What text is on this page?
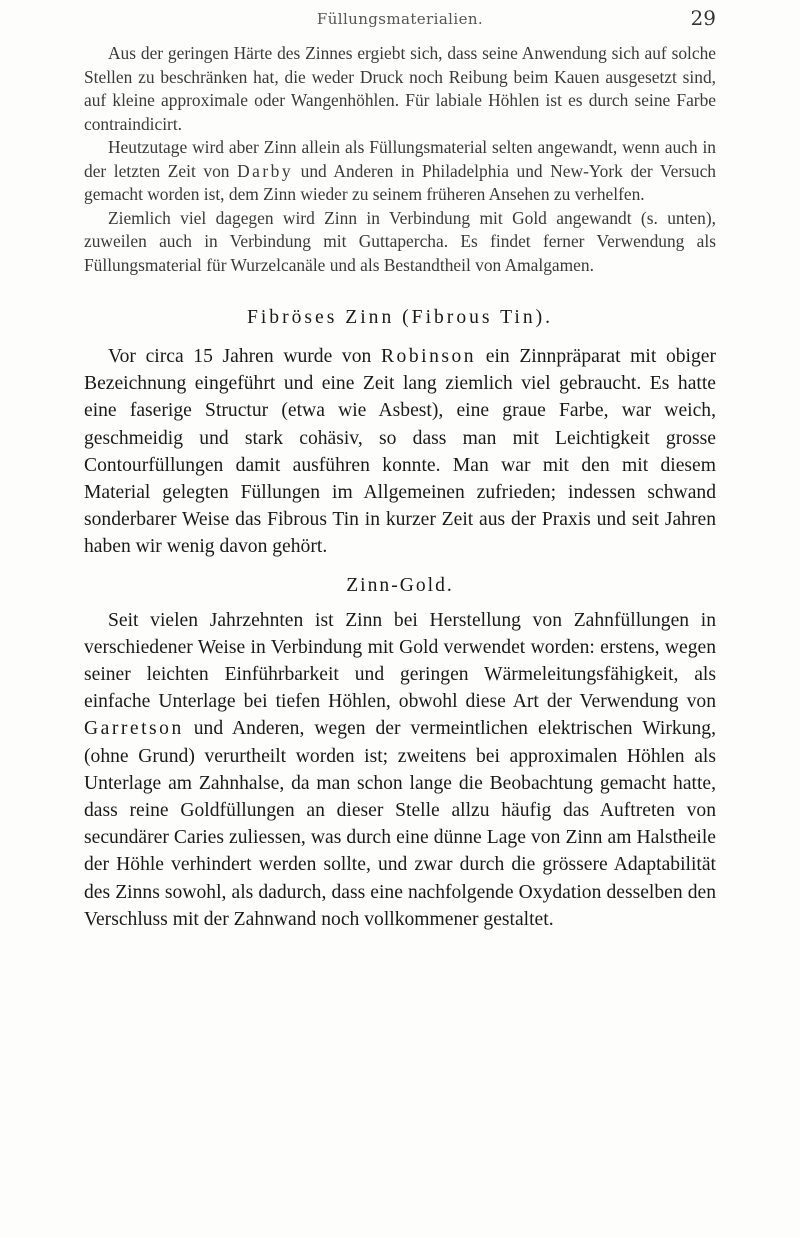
Füllungsmaterialien.	29

Aus der geringen Härte des Zinnes ergiebt sich, dass seine Anwendung sich auf solche Stellen zu beschränken hat, die weder Druck noch Reibung beim Kauen ausgesetzt sind, auf kleine approximale oder Wangenhöhlen. Für labiale Höhlen ist es durch seine Farbe contraindicirt.

Heutzutage wird aber Zinn allein als Füllungsmaterial selten angewandt, wenn auch in der letzten Zeit von Darby und Anderen in Philadelphia und New-York der Versuch gemacht worden ist, dem Zinn wieder zu seinem früheren Ansehen zu verhelfen.

Ziemlich viel dagegen wird Zinn in Verbindung mit Gold angewandt (s. unten), zuweilen auch in Verbindung mit Guttapercha. Es findet ferner Verwendung als Füllungsmaterial für Wurzelcanäle und als Bestandtheil von Amalgamen.

Fibröses Zinn (Fibrous Tin).

Vor circa 15 Jahren wurde von Robinson ein Zinnpräparat mit obiger Bezeichnung eingeführt und eine Zeit lang ziemlich viel gebraucht. Es hatte eine faserige Structur (etwa wie Asbest), eine graue Farbe, war weich, geschmeidig und stark cohäsiv, so dass man mit Leichtigkeit grosse Contourfüllungen damit ausführen konnte. Man war mit den mit diesem Material gelegten Füllungen im Allgemeinen zufrieden; indessen schwand sonderbarer Weise das Fibrous Tin in kurzer Zeit aus der Praxis und seit Jahren haben wir wenig davon gehört.

Zinn-Gold.

Seit vielen Jahrzehnten ist Zinn bei Herstellung von Zahnfüllungen in verschiedener Weise in Verbindung mit Gold verwendet worden: erstens, wegen seiner leichten Einführbarkeit und geringen Wärmeleitungsfähigkeit, als einfache Unterlage bei tiefen Höhlen, obwohl diese Art der Verwendung von Garretson und Anderen, wegen der vermeintlichen elektrischen Wirkung, (ohne Grund) verurtheilt worden ist; zweitens bei approximalen Höhlen als Unterlage am Zahnhalse, da man schon lange die Beobachtung gemacht hatte, dass reine Goldfüllungen an dieser Stelle allzu häufig das Auftreten von secundärer Caries zuliessen, was durch eine dünne Lage von Zinn am Halstheile der Höhle verhindert werden sollte, und zwar durch die grössere Adaptabilität des Zinns sowohl, als dadurch, dass eine nachfolgende Oxydation desselben den Verschluss mit der Zahnwand noch vollkommener gestaltet.
